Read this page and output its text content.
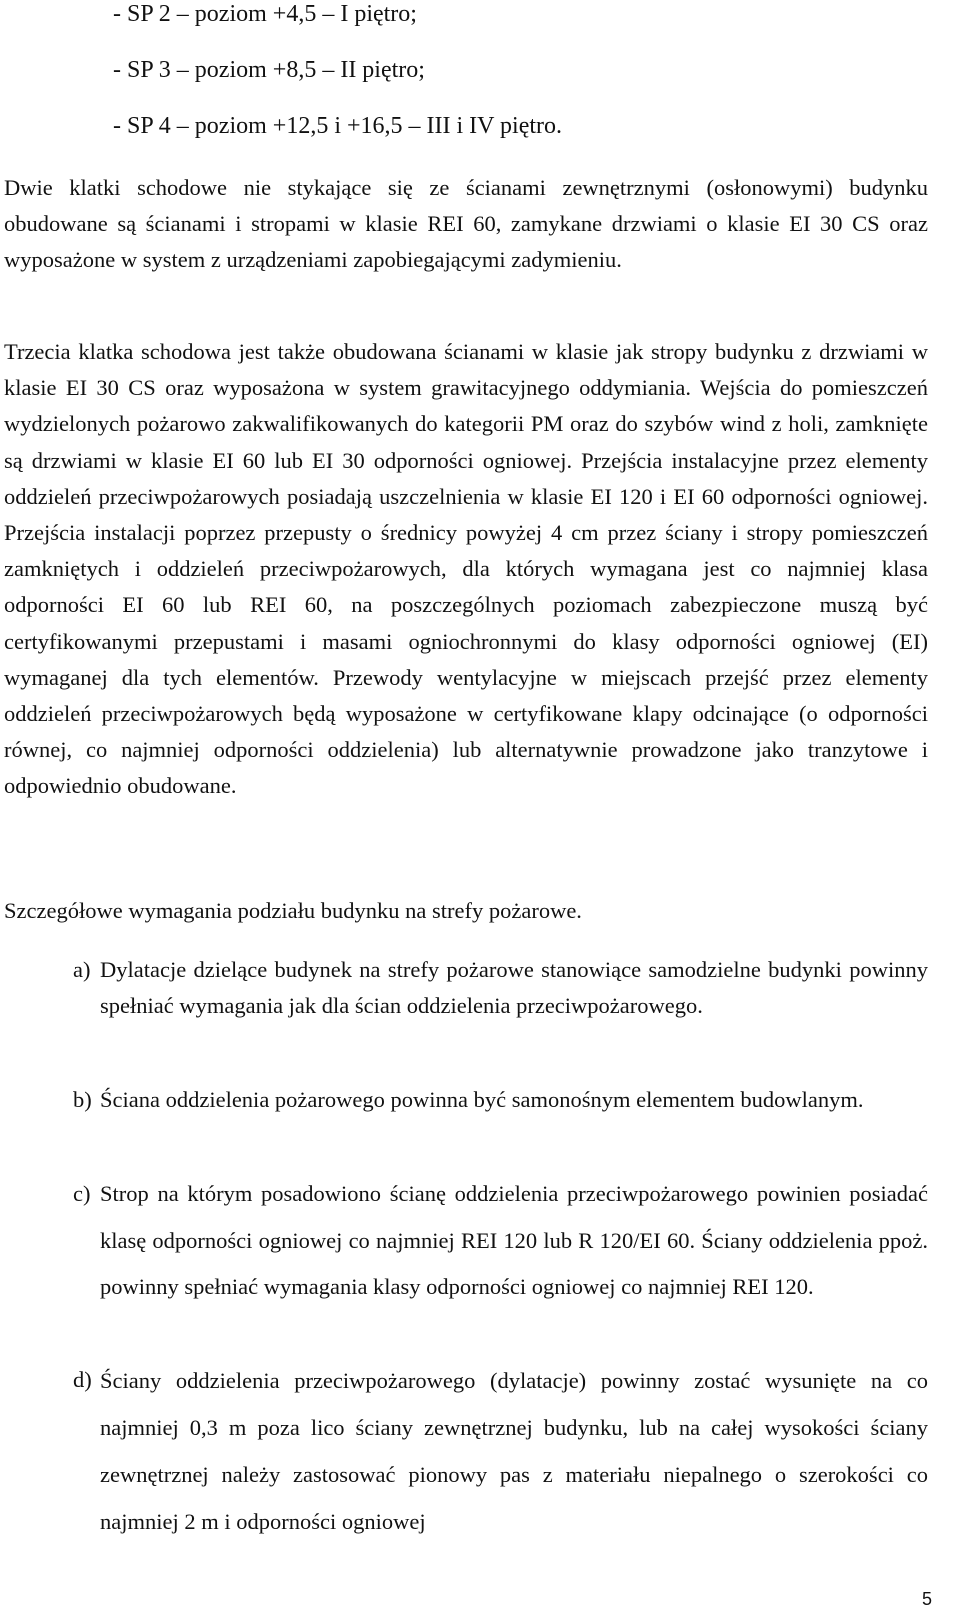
- SP 2 – poziom +4,5 – I piętro;
- SP 3 – poziom +8,5 – II piętro;
- SP 4 – poziom +12,5 i +16,5 – III i IV piętro.

Dwie klatki schodowe nie stykające się ze ścianami zewnętrznymi (osłonowymi) budynku obudowane są ścianami i stropami w klasie REI 60, zamykane drzwiami o klasie EI 30 CS oraz wyposażone w system z urządzeniami zapobiegającymi zadymieniu.

Trzecia klatka schodowa jest także obudowana ścianami w klasie jak stropy budynku z drzwiami w klasie EI 30 CS oraz wyposażona w system grawitacyjnego oddymiania. Wejścia do pomieszczeń wydzielonych pożarowo zakwalifikowanych do kategorii PM oraz do szybów wind z holi, zamknięte są drzwiami w klasie EI 60 lub EI 30 odporności ogniowej. Przejścia instalacyjne przez elementy oddzieleń przeciwpożarowych posiadają uszczelnienia w klasie EI 120 i EI 60 odporności ogniowej. Przejścia instalacji poprzez przepusty o średnicy powyżej 4 cm przez ściany i stropy pomieszczeń zamkniętych i oddzieleń przeciwpożarowych, dla których wymagana jest co najmniej klasa odporności EI 60 lub REI 60, na poszczególnych poziomach zabezpieczone muszą być certyfikowanymi przepustami i masami ogniochronnymi do klasy odporności ogniowej (EI) wymaganej dla tych elementów. Przewody wentylacyjne w miejscach przejść przez elementy oddzieleń przeciwpożarowych będą wyposażone w certyfikowane klapy odcinające (o odporności równej, co najmniej odporności oddzielenia) lub alternatywnie prowadzone jako tranzytowe i odpowiednio obudowane.

Szczegółowe wymagania podziału budynku na strefy pożarowe.

a) Dylatacje dzielące budynek na strefy pożarowe stanowiące samodzielne budynki powinny spełniać wymagania jak dla ścian oddzielenia przeciwpożarowego.

b) Ściana oddzielenia pożarowego powinna być samonośnym elementem budowlanym.

c) Strop na którym posadowiono ścianę oddzielenia przeciwpożarowego powinien posiadać klasę odporności ogniowej co najmniej REI 120 lub R 120/EI 60. Ściany oddzielenia ppoż. powinny spełniać wymagania klasy odporności ogniowej co najmniej REI 120.

d) Ściany oddzielenia przeciwpożarowego (dylatacje) powinny zostać wysunięte na co najmniej 0,3 m poza lico ściany zewnętrznej budynku, lub na całej wysokości ściany zewnętrznej należy zastosować pionowy pas z materiału niepalnego o szerokości co najmniej 2 m i odporności ogniowej

5
